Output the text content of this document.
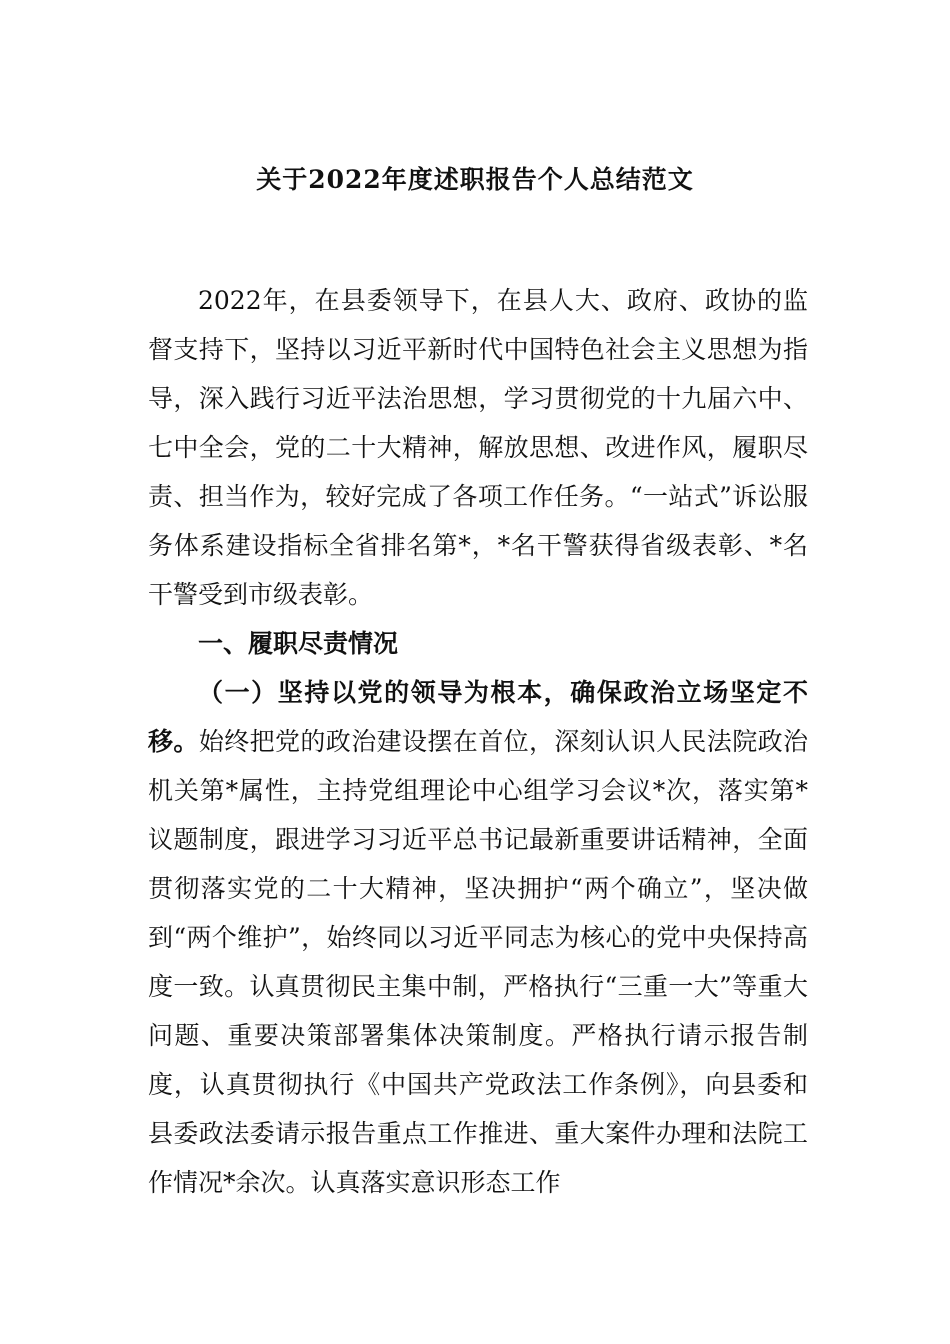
关于2022年度述职报告个人总结范文

2022年，在县委领导下，在县人大、政府、政协的监督支持下，坚持以习近平新时代中国特色社会主义思想为指导，深入践行习近平法治思想，学习贯彻党的十九届六中、七中全会，党的二十大精神，解放思想、改进作风，履职尽责、担当作为，较好完成了各项工作任务。“一站式”诉讼服务体系建设指标全省排名第*，*名干警获得省级表彰、*名干警受到市级表彰。

一、履职尽责情况

（一）坚持以党的领导为根本，确保政治立场坚定不移。始终把党的政治建设摆在首位，深刻认识人民法院政治机关第*属性，主持党组理论中心组学习会议*次，落实第*议题制度，跟进学习习近平总书记最新重要讲话精神，全面贯彻落实党的二十大精神，坚决拥护“两个确立”，坚决做到“两个维护”，始终同以习近平同志为核心的党中央保持高度一致。认真贯彻民主集中制，严格执行“三重一大”等重大问题、重要决策部署集体决策制度。严格执行请示报告制度，认真贯彻执行《中国共产党政法工作条例》，向县委和县委政法委请示报告重点工作推进、重大案件办理和法院工作情况*余次。认真落实意识形态工作
